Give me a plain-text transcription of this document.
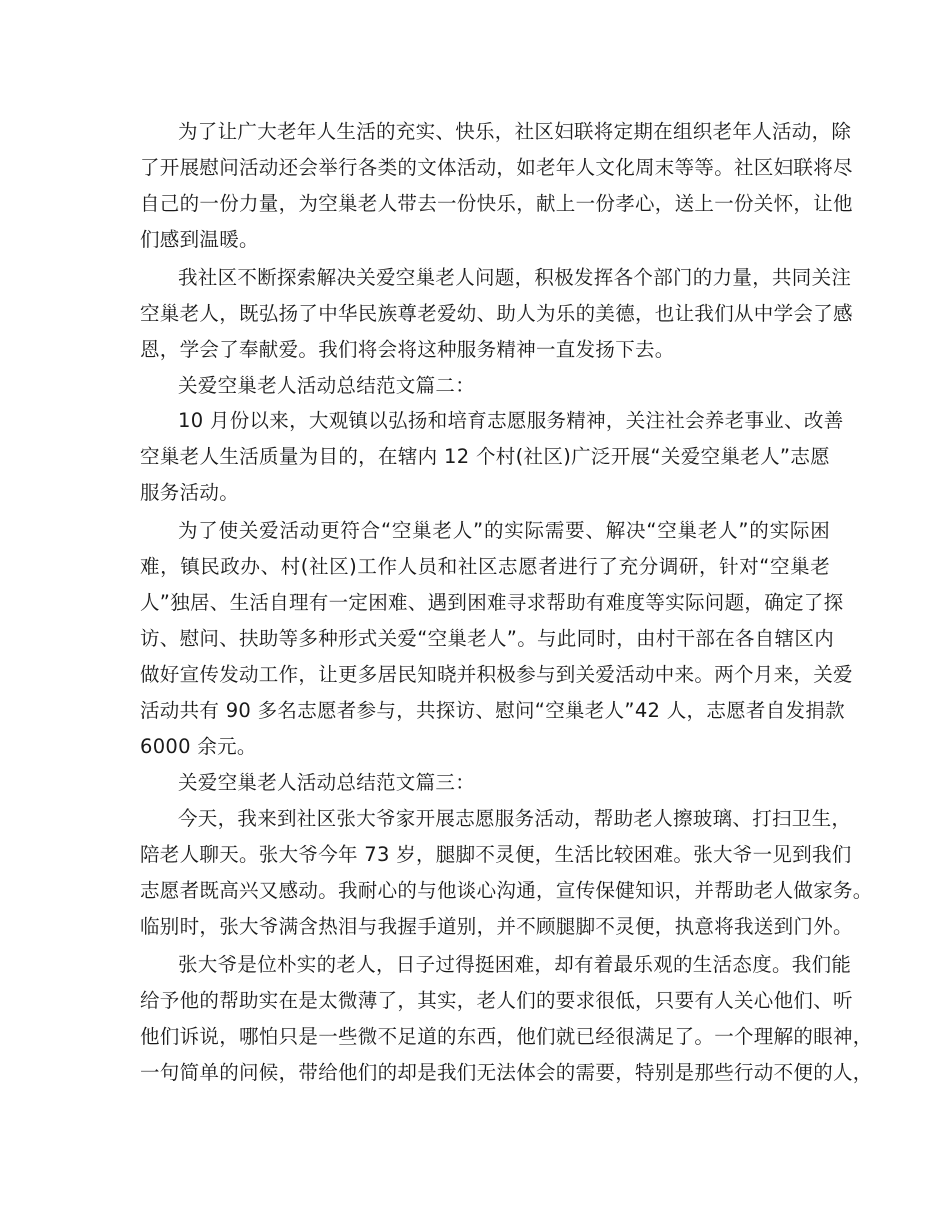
为了让广大老年人生活的充实、快乐，社区妇联将定期在组织老年人活动，除

了开展慰问活动还会举行各类的文体活动，如老年人文化周末等等。社区妇联将尽

自己的一份力量，为空巢老人带去一份快乐，献上一份孝心，送上一份关怀，让他

们感到温暖。

我社区不断探索解决关爱空巢老人问题，积极发挥各个部门的力量，共同关注

空巢老人，既弘扬了中华民族尊老爱幼、助人为乐的美德，也让我们从中学会了感

恩，学会了奉献爱。我们将会将这种服务精神一直发扬下去。

关爱空巢老人活动总结范文篇二：

10 月份以来，大观镇以弘扬和培育志愿服务精神，关注社会养老事业、改善

空巢老人生活质量为目的，在辖内 12 个村(社区)广泛开展“关爱空巢老人”志愿

服务活动。

为了使关爱活动更符合“空巢老人”的实际需要、解决“空巢老人”的实际困

难，镇民政办、村(社区)工作人员和社区志愿者进行了充分调研，针对“空巢老

人”独居、生活自理有一定困难、遇到困难寻求帮助有难度等实际问题，确定了探

访、慰问、扶助等多种形式关爱“空巢老人”。与此同时，由村干部在各自辖区内

做好宣传发动工作，让更多居民知晓并积极参与到关爱活动中来。两个月来，关爱

活动共有 90 多名志愿者参与，共探访、慰问“空巢老人”42 人，志愿者自发捐款

6000 余元。

关爱空巢老人活动总结范文篇三：

今天，我来到社区张大爷家开展志愿服务活动，帮助老人擦玻璃、打扫卫生，

陪老人聊天。张大爷今年 73 岁，腿脚不灵便，生活比较困难。张大爷一见到我们

志愿者既高兴又感动。我耐心的与他谈心沟通，宣传保健知识，并帮助老人做家务。

临别时，张大爷满含热泪与我握手道别，并不顾腿脚不灵便，执意将我送到门外。

张大爷是位朴实的老人，日子过得挺困难，却有着最乐观的生活态度。我们能

给予他的帮助实在是太微薄了，其实，老人们的要求很低，只要有人关心他们、听

他们诉说，哪怕只是一些微不足道的东西，他们就已经很满足了。一个理解的眼神，

一句简单的问候，带给他们的却是我们无法体会的需要，特别是那些行动不便的人，
